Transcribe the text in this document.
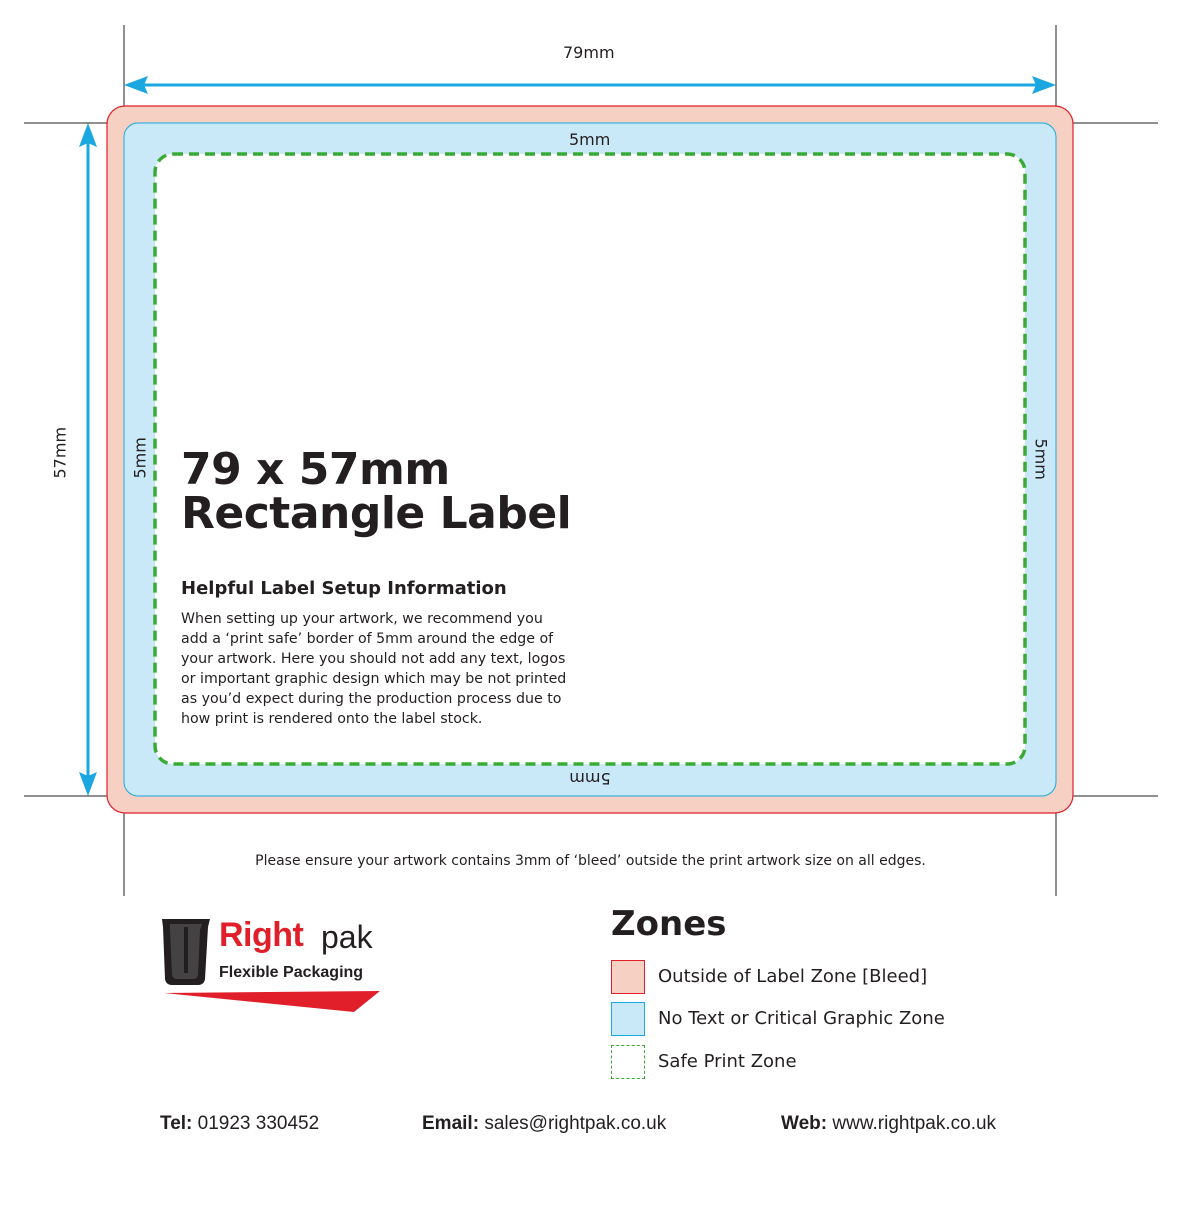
79mm
57mm
5mm
5mm	5mm
5mm
79 x 57mm
Rectangle Label
Helpful Label Setup Information
When setting up your artwork, we recommend you add a ‘print safe’ border of 5mm around the edge of your artwork. Here you should not add any text, logos or important graphic design which may be not printed as you’d expect during the production process due to how print is rendered onto the label stock.
Please ensure your artwork contains 3mm of ‘bleed’ outside the print artwork size on all edges.
Right pak
Flexible Packaging
Zones
Outside of Label Zone [Bleed]
No Text or Critical Graphic Zone
Safe Print Zone
Tel: 01923 330452	Email: sales@rightpak.co.uk	Web: www.rightpak.co.uk
